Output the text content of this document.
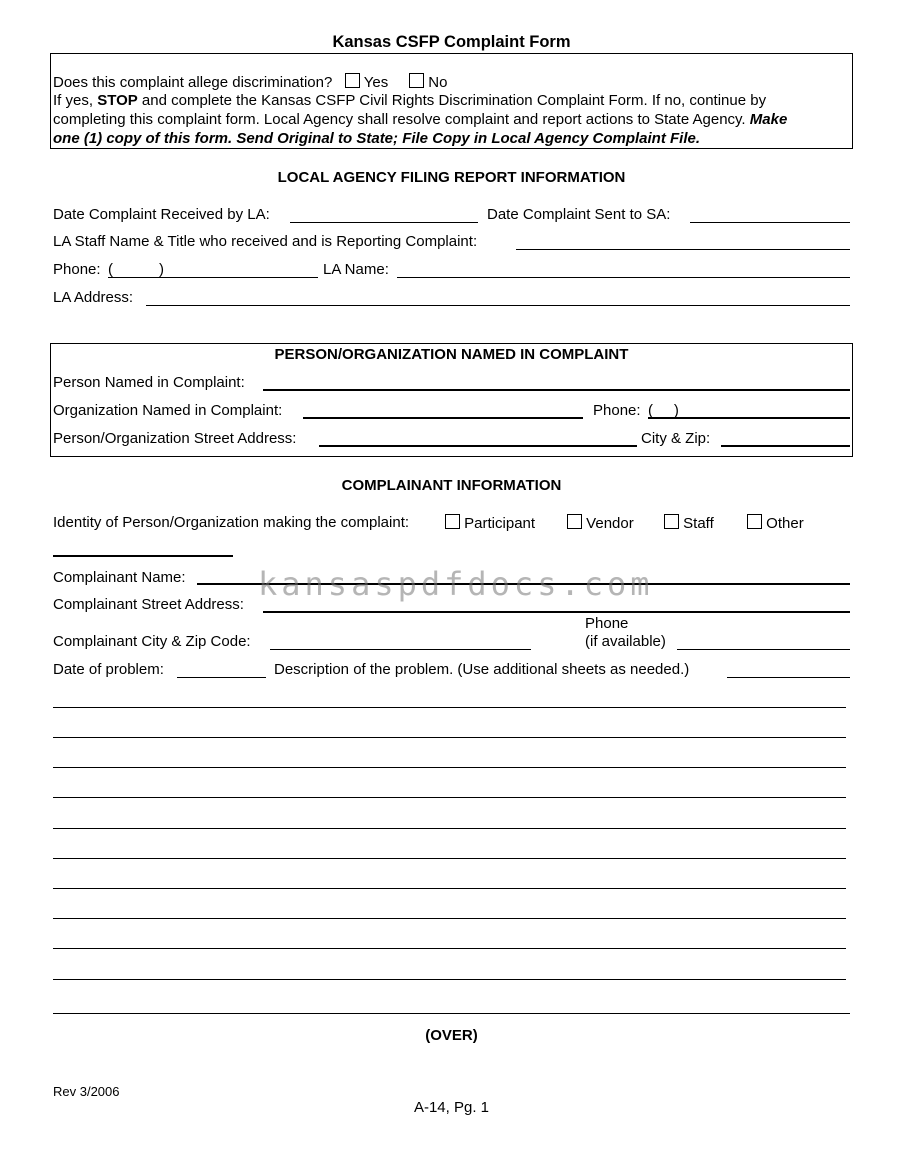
Kansas CSFP Complaint Form
Does this complaint allege discrimination? Yes	No
If yes, STOP and complete the Kansas CSFP Civil Rights Discrimination Complaint Form. If no, continue by
completing this complaint form. Local Agency shall resolve complaint and report actions to State Agency. Make
one (1) copy of this form. Send Original to State; File Copy in Local Agency Complaint File.
LOCAL AGENCY FILING REPORT INFORMATION
Date Complaint Received by LA:	Date Complaint Sent to SA:
LA Staff Name & Title who received and is Reporting Complaint:
Phone: (	)	LA Name:
LA Address:
PERSON/ORGANIZATION NAMED IN COMPLAINT
Person Named in Complaint:
Organization Named in Complaint:	Phone: (     )
Person/Organization Street Address:	City & Zip:
COMPLAINANT INFORMATION
Identity of Person/Organization making the complaint:	Participant	Vendor	Staff	Other
Complainant Name:
Complainant Street Address:
Complainant City & Zip Code:
Phone
(if available)
Date of problem:	Description of the problem. (Use additional sheets as needed.)
kansaspdfdocs.com
(OVER)
Rev 3/2006
A-14, Pg. 1
